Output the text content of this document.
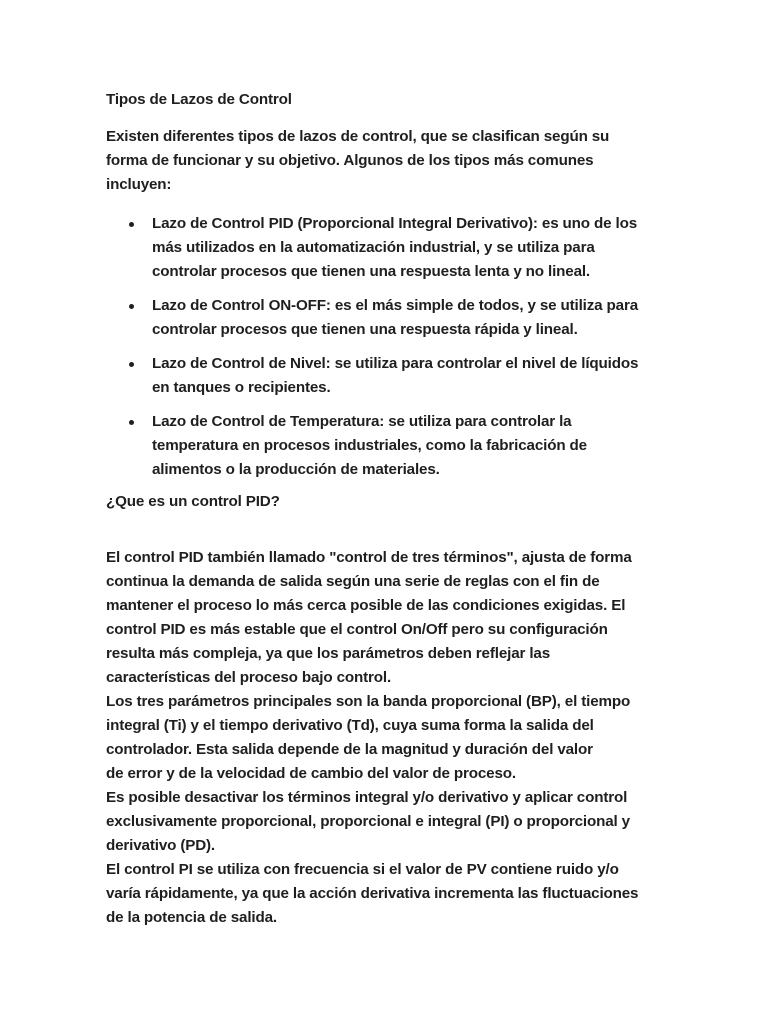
Tipos de Lazos de Control
Existen diferentes tipos de lazos de control, que se clasifican según su
forma de funcionar y su objetivo. Algunos de los tipos más comunes
incluyen:
Lazo de Control PID (Proporcional Integral Derivativo): es uno de los
más utilizados en la automatización industrial, y se utiliza para
controlar procesos que tienen una respuesta lenta y no lineal.
Lazo de Control ON-OFF: es el más simple de todos, y se utiliza para
controlar procesos que tienen una respuesta rápida y lineal.
Lazo de Control de Nivel: se utiliza para controlar el nivel de líquidos
en tanques o recipientes.
Lazo de Control de Temperatura: se utiliza para controlar la
temperatura en procesos industriales, como la fabricación de
alimentos o la producción de materiales.
¿Que es un control PID?
El control PID también llamado "control de tres términos", ajusta de forma
continua la demanda de salida según una serie de reglas con el fin de
mantener el proceso lo más cerca posible de las condiciones exigidas. El
control PID es más estable que el control On/Off pero su configuración
resulta más compleja, ya que los parámetros deben reflejar las
características del proceso bajo control.
Los tres parámetros principales son la banda proporcional (BP), el tiempo
integral (Ti) y el tiempo derivativo (Td), cuya suma forma la salida del
controlador. Esta salida depende de la magnitud y duración del valor
de error y de la velocidad de cambio del valor de proceso.
Es posible desactivar los términos integral y/o derivativo y aplicar control
exclusivamente proporcional, proporcional e integral (PI) o proporcional y
derivativo (PD).
El control PI se utiliza con frecuencia si el valor de PV contiene ruido y/o
varía rápidamente, ya que la acción derivativa incrementa las fluctuaciones
de la potencia de salida.
